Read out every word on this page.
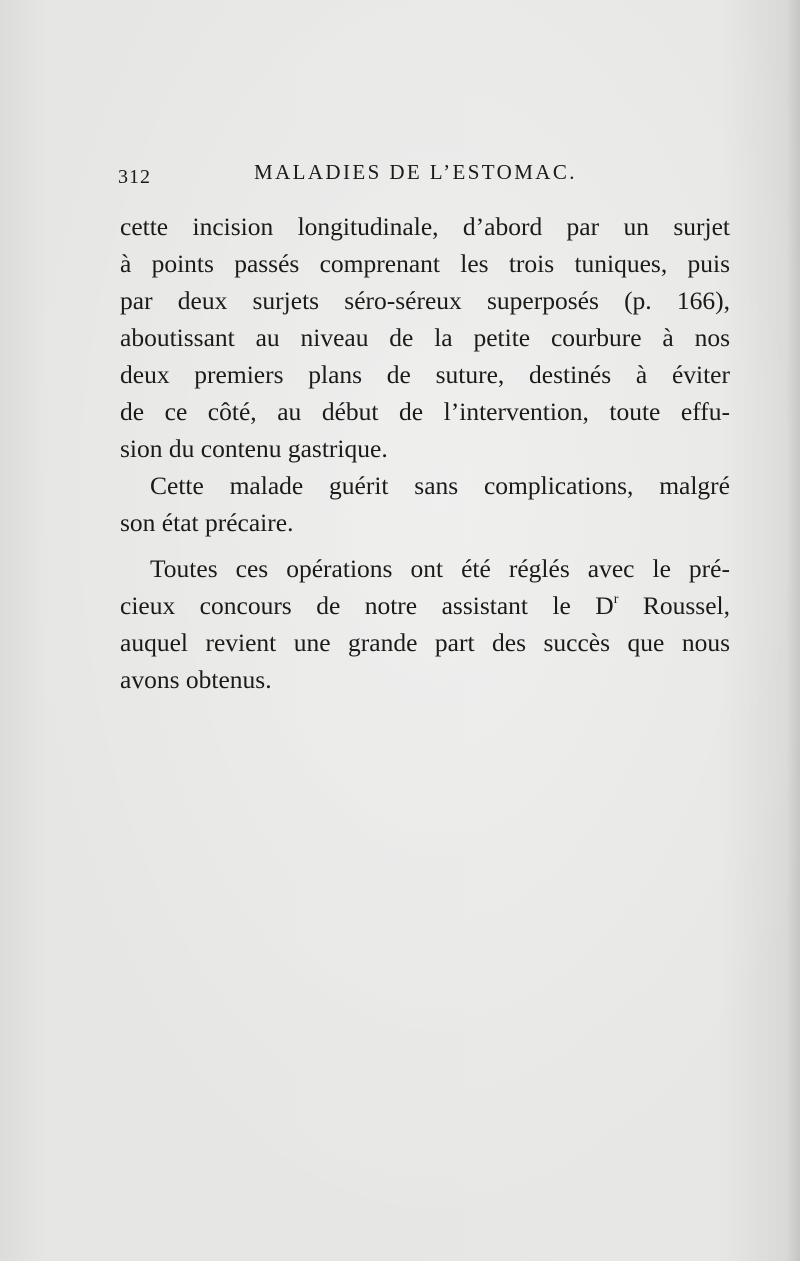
312	MALADIES DE L’ESTOMAC.
cette incision longitudinale, d’abord par un surjet
à points passés comprenant les trois tuniques, puis
par deux surjets séro-séreux superposés (p. 166),
aboutissant au niveau de la petite courbure à nos
deux premiers plans de suture, destinés à éviter
de ce côté, au début de l’intervention, toute effu-
sion du contenu gastrique.
Cette malade guérit sans complications, malgré
son état précaire.
Toutes ces opérations ont été réglés avec le pré-
cieux concours de notre assistant le $D^r$ Roussel,
auquel revient une grande part des succès que nous
avons obtenus.
